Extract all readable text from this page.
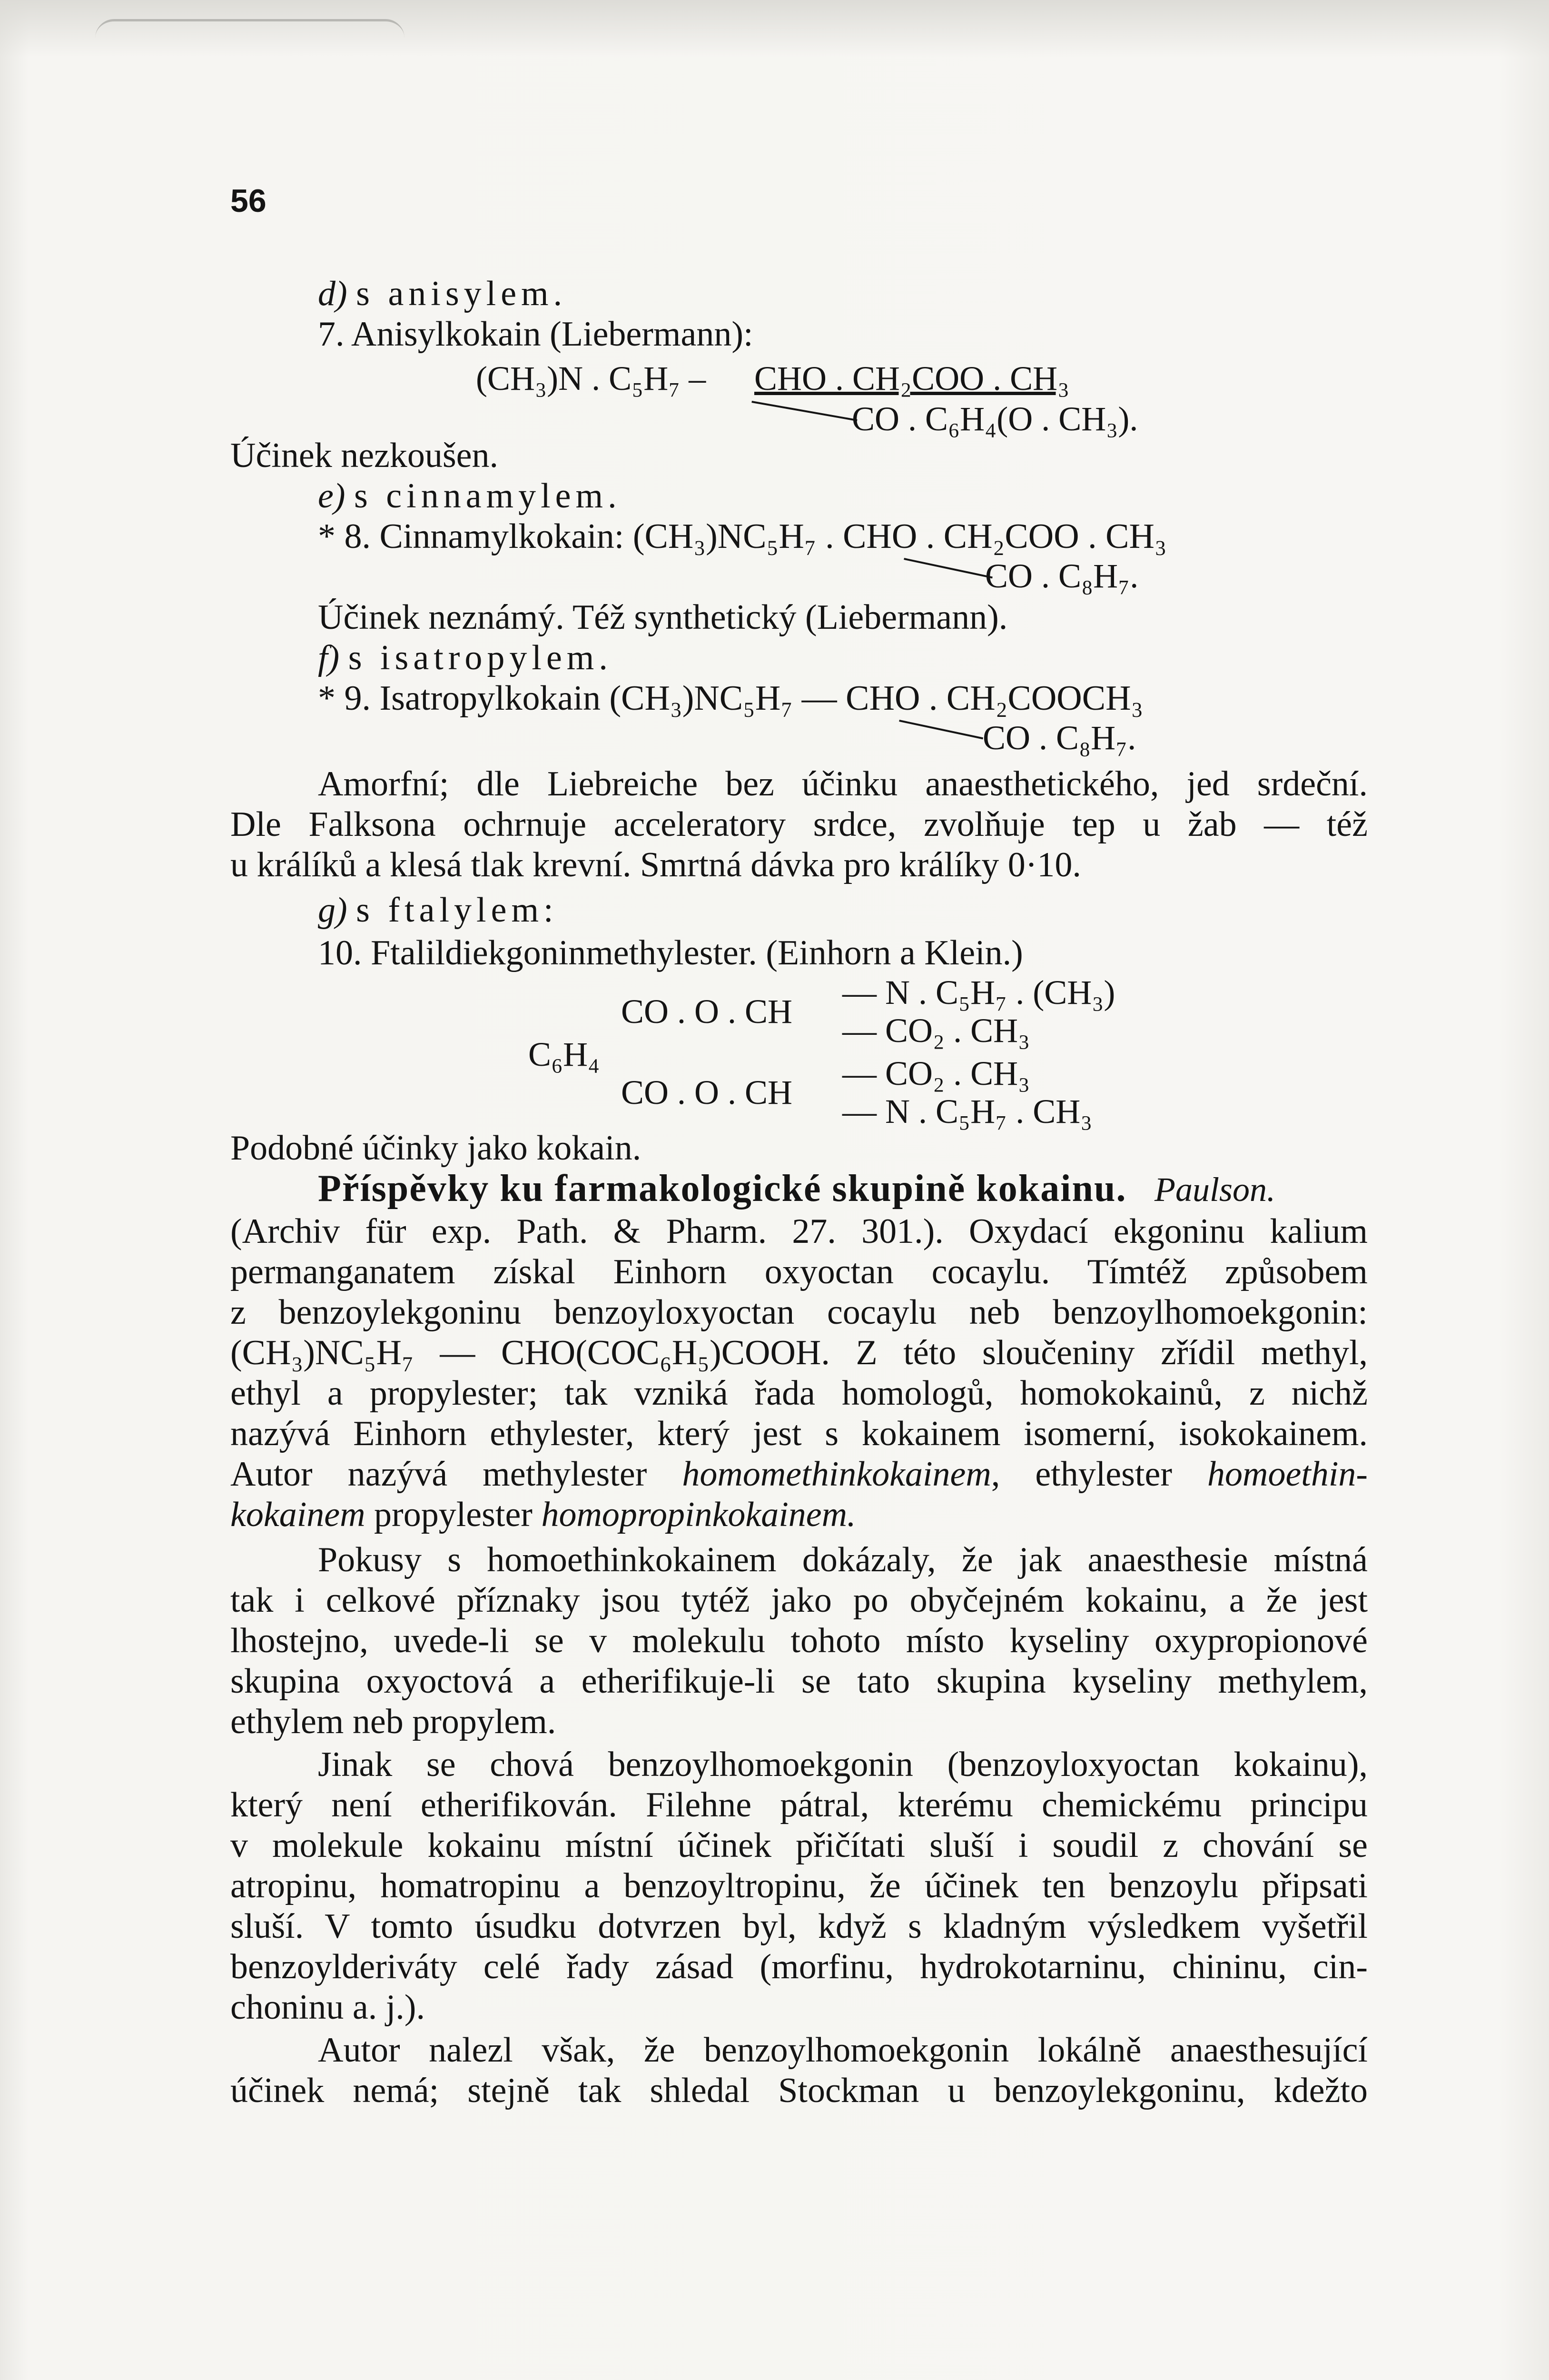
56
d) s anisylem.
7. Anisylkokain (Liebermann):
(CH₃)N . C₅H₇ – CHO . CH₂COO . CH₃
CO . C₆H₄(O . CH₃).
Účinek nezkoušen.
e) s cinnamylem.
* 8. Cinnamylkokain: (CH₃)NC₅H₇ . CHO . CH₂COO . CH₃
CO . C₈H₇.
Účinek neznámý. Též synthetický (Liebermann).
f) s isatropylem.
* 9. Isatropylkokain (CH₃)NC₅H₇ — CHO . CH₂COOCH₃
CO . C₈H₇.
Amorfní; dle Liebreiche bez účinku anaesthetického, jed srdeční.
Dle Falksona ochrnuje acceleratory srdce, zvolňuje tep u žab — též
u králíků a klesá tlak krevní. Smrtná dávka pro králíky 0·10.
g) s ftalylem:
10. Ftalildiekgoninmethylester. (Einhorn a Klein.)
— N . C₅H₇ . (CH₃)
CO . O . CH — CO₂ . CH₃
C₆H₄	— CO₂ . CH₃
CO . O . CH — N . C₅H₇ . CH₃
Podobné účinky jako kokain.
Příspěvky ku farmakologické skupině kokainu. Paulson.
(Archiv für exp. Path. & Pharm. 27. 301.). Oxydací ekgoninu kalium
permanganatem získal Einhorn oxyoctan cocaylu. Tímtéž způsobem
z benzoylekgoninu benzoyloxyoctan cocaylu neb benzoylhomoekgonin:
(CH₃)NC₅H₇ — CHO(COC₆H₅)COOH. Z této sloučeniny zřídil methyl,
ethyl a propylester; tak vzniká řada homologů, homokokainů, z nichž
nazývá Einhorn ethylester, který jest s kokainem isomerní, isokokainem.
Autor nazývá methylester homomethinkokainem, ethylester homoethin-
kokainem propylester homopropinkokainem.
Pokusy s homoethinkokainem dokázaly, že jak anaesthesie místná
tak i celkové příznaky jsou tytéž jako po obyčejném kokainu, a že jest
lhostejno, uvede-li se v molekulu tohoto místo kyseliny oxypropionové
skupina oxyoctová a etherifikuje-li se tato skupina kyseliny methylem,
ethylem neb propylem.
Jinak se chová benzoylhomoekgonin (benzoyloxyoctan kokainu),
který není etherifikován. Filehne pátral, kterému chemickému principu
v molekule kokainu místní účinek přičítati sluší i soudil z chování se
atropinu, homatropinu a benzoyltropinu, že účinek ten benzoylu připsati
sluší. V tomto úsudku dotvrzen byl, když s kladným výsledkem vyšetřil
benzoylderiváty celé řady zásad (morfinu, hydrokotarninu, chininu, cin-
choninu a. j.).
Autor nalezl však, že benzoylhomoekgonin lokálně anaesthesující
účinek nemá; stejně tak shledal Stockman u benzoylekgoninu, kdežto
